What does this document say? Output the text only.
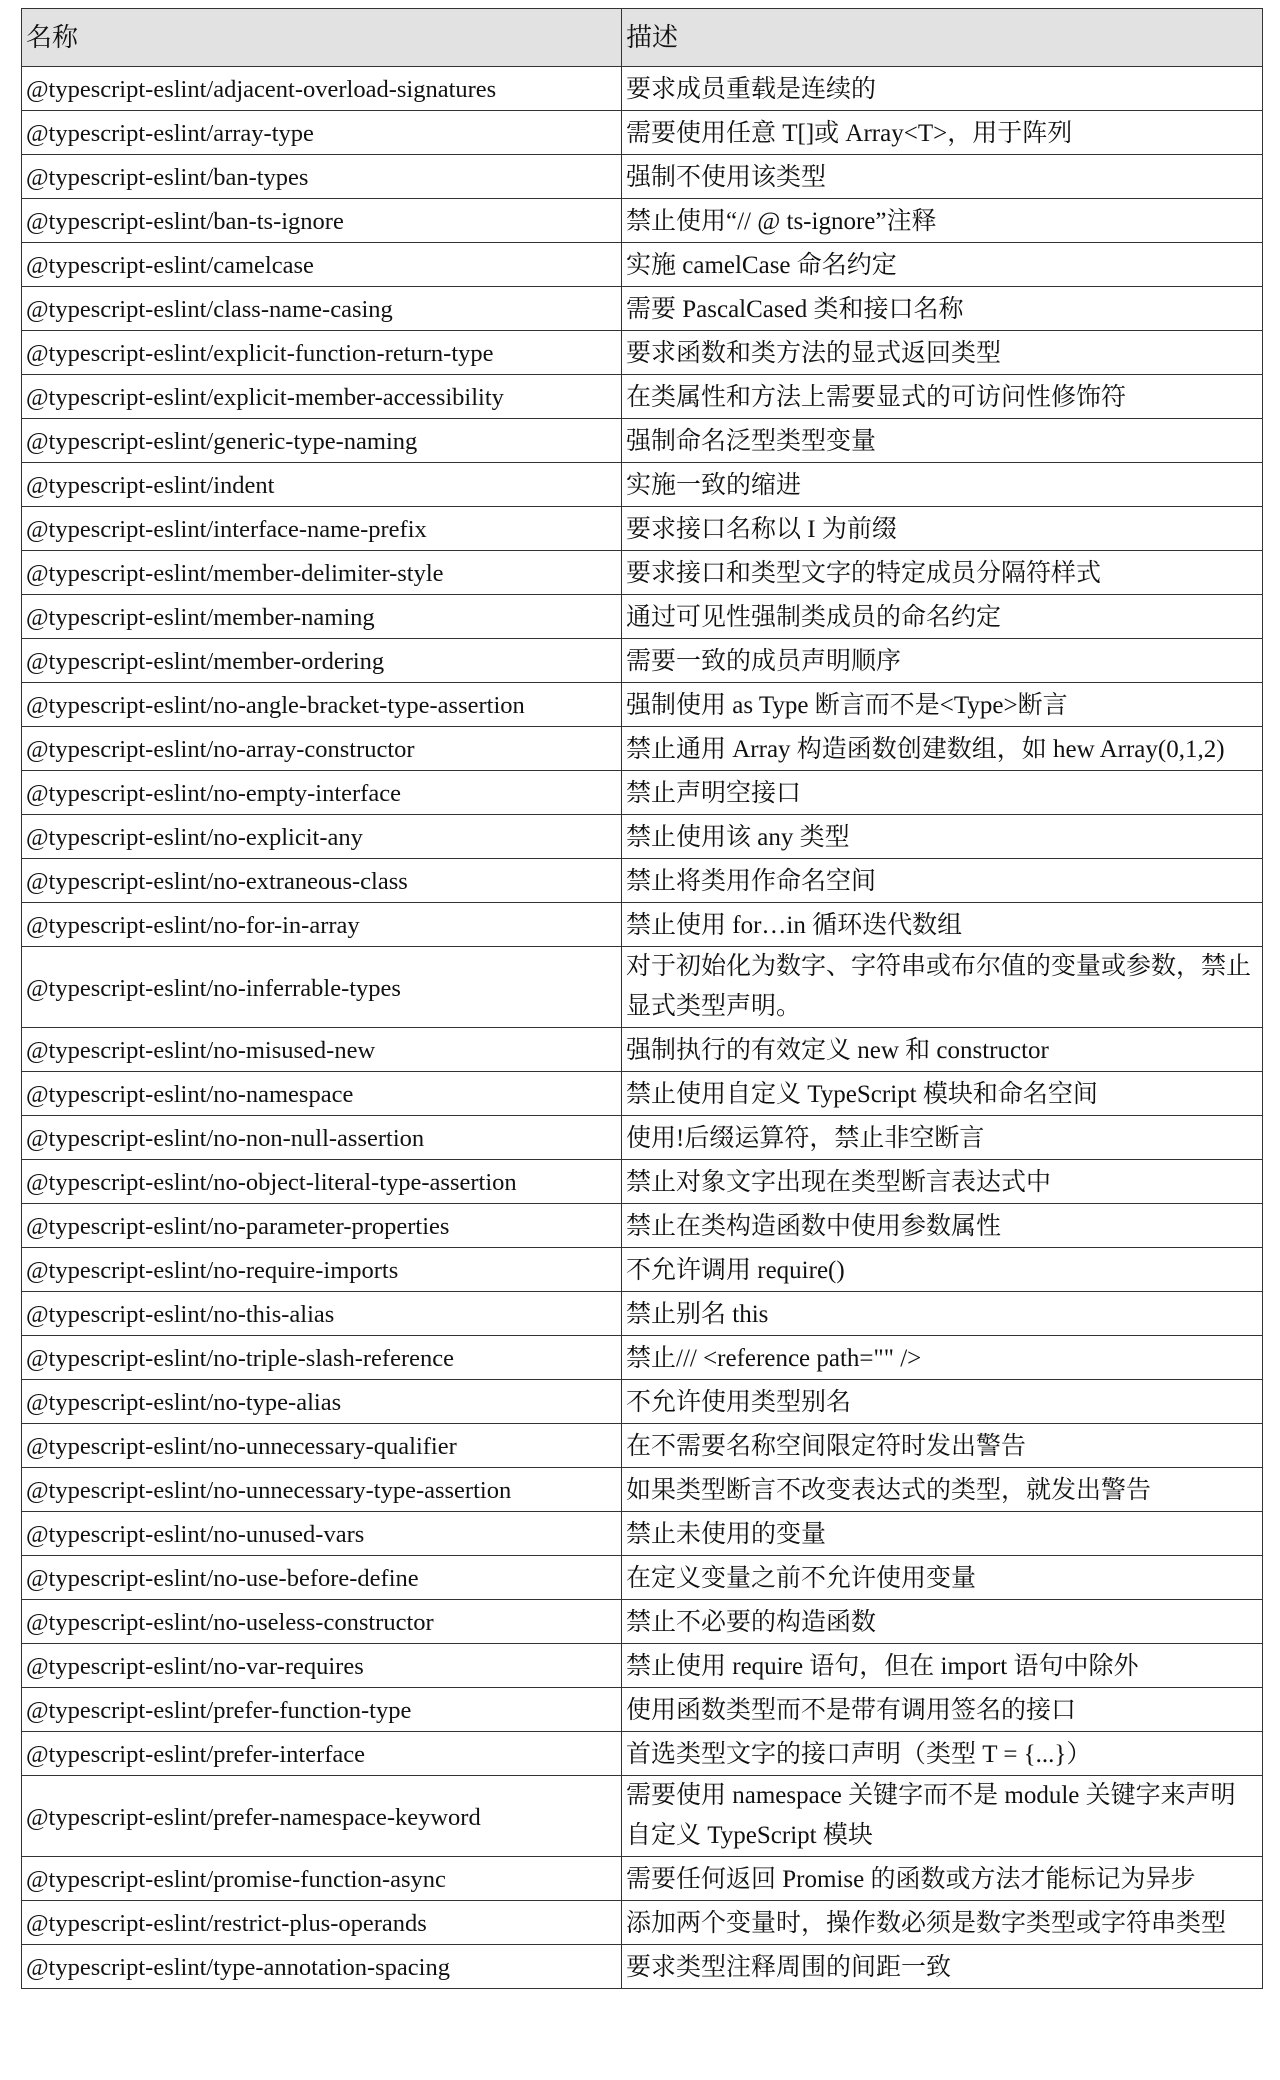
名称	描述
@typescript-eslint/adjacent-overload-signatures	要求成员重载是连续的
@typescript-eslint/array-type	需要使用任意 T[]或 Array<T>，用于阵列
@typescript-eslint/ban-types	强制不使用该类型
@typescript-eslint/ban-ts-ignore	禁止使用“// @ ts-ignore”注释
@typescript-eslint/camelcase	实施 camelCase 命名约定
@typescript-eslint/class-name-casing	需要 PascalCased 类和接口名称
@typescript-eslint/explicit-function-return-type	要求函数和类方法的显式返回类型
@typescript-eslint/explicit-member-accessibility	在类属性和方法上需要显式的可访问性修饰符
@typescript-eslint/generic-type-naming	强制命名泛型类型变量
@typescript-eslint/indent	实施一致的缩进
@typescript-eslint/interface-name-prefix	要求接口名称以 I 为前缀
@typescript-eslint/member-delimiter-style	要求接口和类型文字的特定成员分隔符样式
@typescript-eslint/member-naming	通过可见性强制类成员的命名约定
@typescript-eslint/member-ordering	需要一致的成员声明顺序
@typescript-eslint/no-angle-bracket-type-assertion	强制使用 as Type 断言而不是<Type>断言
@typescript-eslint/no-array-constructor	禁止通用 Array 构造函数创建数组，如 hew Array(0,1,2)
@typescript-eslint/no-empty-interface	禁止声明空接口
@typescript-eslint/no-explicit-any	禁止使用该 any 类型
@typescript-eslint/no-extraneous-class	禁止将类用作命名空间
@typescript-eslint/no-for-in-array	禁止使用 for…in 循环迭代数组
@typescript-eslint/no-inferrable-types	对于初始化为数字、字符串或布尔值的变量或参数，禁止显式类型声明。
@typescript-eslint/no-misused-new	强制执行的有效定义 new 和 constructor
@typescript-eslint/no-namespace	禁止使用自定义 TypeScript 模块和命名空间
@typescript-eslint/no-non-null-assertion	使用!后缀运算符，禁止非空断言
@typescript-eslint/no-object-literal-type-assertion	禁止对象文字出现在类型断言表达式中
@typescript-eslint/no-parameter-properties	禁止在类构造函数中使用参数属性
@typescript-eslint/no-require-imports	不允许调用 require()
@typescript-eslint/no-this-alias	禁止别名 this
@typescript-eslint/no-triple-slash-reference	禁止/// <reference path="" />
@typescript-eslint/no-type-alias	不允许使用类型别名
@typescript-eslint/no-unnecessary-qualifier	在不需要名称空间限定符时发出警告
@typescript-eslint/no-unnecessary-type-assertion	如果类型断言不改变表达式的类型，就发出警告
@typescript-eslint/no-unused-vars	禁止未使用的变量
@typescript-eslint/no-use-before-define	在定义变量之前不允许使用变量
@typescript-eslint/no-useless-constructor	禁止不必要的构造函数
@typescript-eslint/no-var-requires	禁止使用 require 语句，但在 import 语句中除外
@typescript-eslint/prefer-function-type	使用函数类型而不是带有调用签名的接口
@typescript-eslint/prefer-interface	首选类型文字的接口声明（类型 T = {...}）
@typescript-eslint/prefer-namespace-keyword	需要使用 namespace 关键字而不是 module 关键字来声明自定义 TypeScript 模块
@typescript-eslint/promise-function-async	需要任何返回 Promise 的函数或方法才能标记为异步
@typescript-eslint/restrict-plus-operands	添加两个变量时，操作数必须是数字类型或字符串类型
@typescript-eslint/type-annotation-spacing	要求类型注释周围的间距一致
